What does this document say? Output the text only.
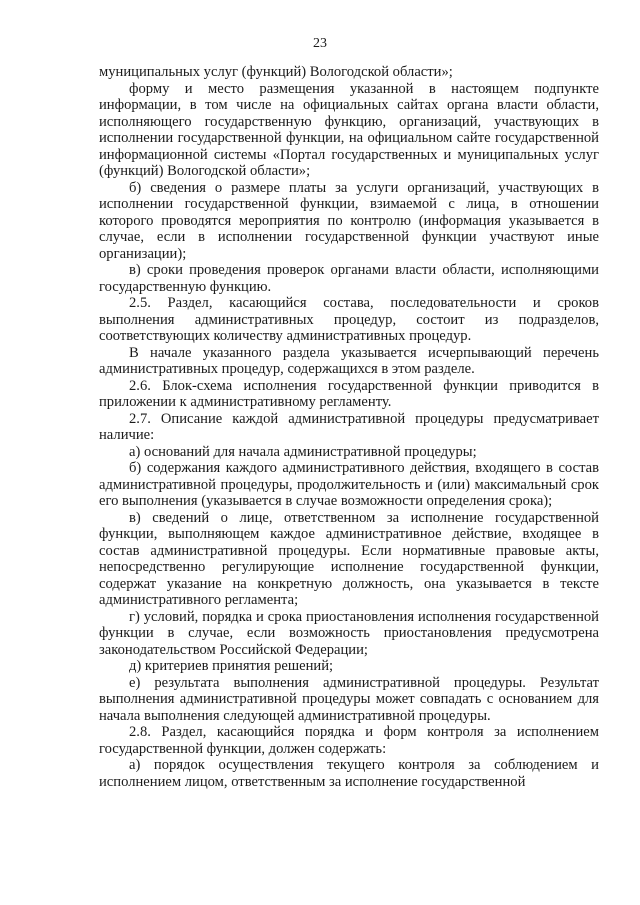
23

муниципальных услуг (функций) Вологодской области»;

форму и место размещения указанной в настоящем подпункте информации, в том числе на официальных сайтах органа власти области, исполняющего государственную функцию, организаций, участвующих в исполнении государственной функции, на официальном сайте государственной информационной системы «Портал государственных и муниципальных услуг (функций) Вологодской области»;

б) сведения о размере платы за услуги организаций, участвующих в исполнении государственной функции, взимаемой с лица, в отношении которого проводятся мероприятия по контролю (информация указывается в случае, если в исполнении государственной функции участвуют иные организации);

в) сроки проведения проверок органами власти области, исполняющими государственную функцию.

2.5. Раздел, касающийся состава, последовательности и сроков выполнения административных процедур, состоит из подразделов, соответствующих количеству административных процедур.

В начале указанного раздела указывается исчерпывающий перечень административных процедур, содержащихся в этом разделе.

2.6. Блок-схема исполнения государственной функции приводится в приложении к административному регламенту.

2.7. Описание каждой административной процедуры предусматривает наличие:

а) оснований для начала административной процедуры;

б) содержания каждого административного действия, входящего в состав административной процедуры, продолжительность и (или) максимальный срок его выполнения (указывается в случае возможности определения срока);

в) сведений о лице, ответственном за исполнение государственной функции, выполняющем каждое административное действие, входящее в состав административной процедуры. Если нормативные правовые акты, непосредственно регулирующие исполнение государственной функции, содержат указание на конкретную должность, она указывается в тексте административного регламента;

г) условий, порядка и срока приостановления исполнения государственной функции в случае, если возможность приостановления предусмотрена законодательством Российской Федерации;

д) критериев принятия решений;

е) результата выполнения административной процедуры. Результат выполнения административной процедуры может совпадать с основанием для начала выполнения следующей административной процедуры.

2.8. Раздел, касающийся порядка и форм контроля за исполнением государственной функции, должен содержать:

а) порядок осуществления текущего контроля за соблюдением и исполнением лицом, ответственным за исполнение государственной
